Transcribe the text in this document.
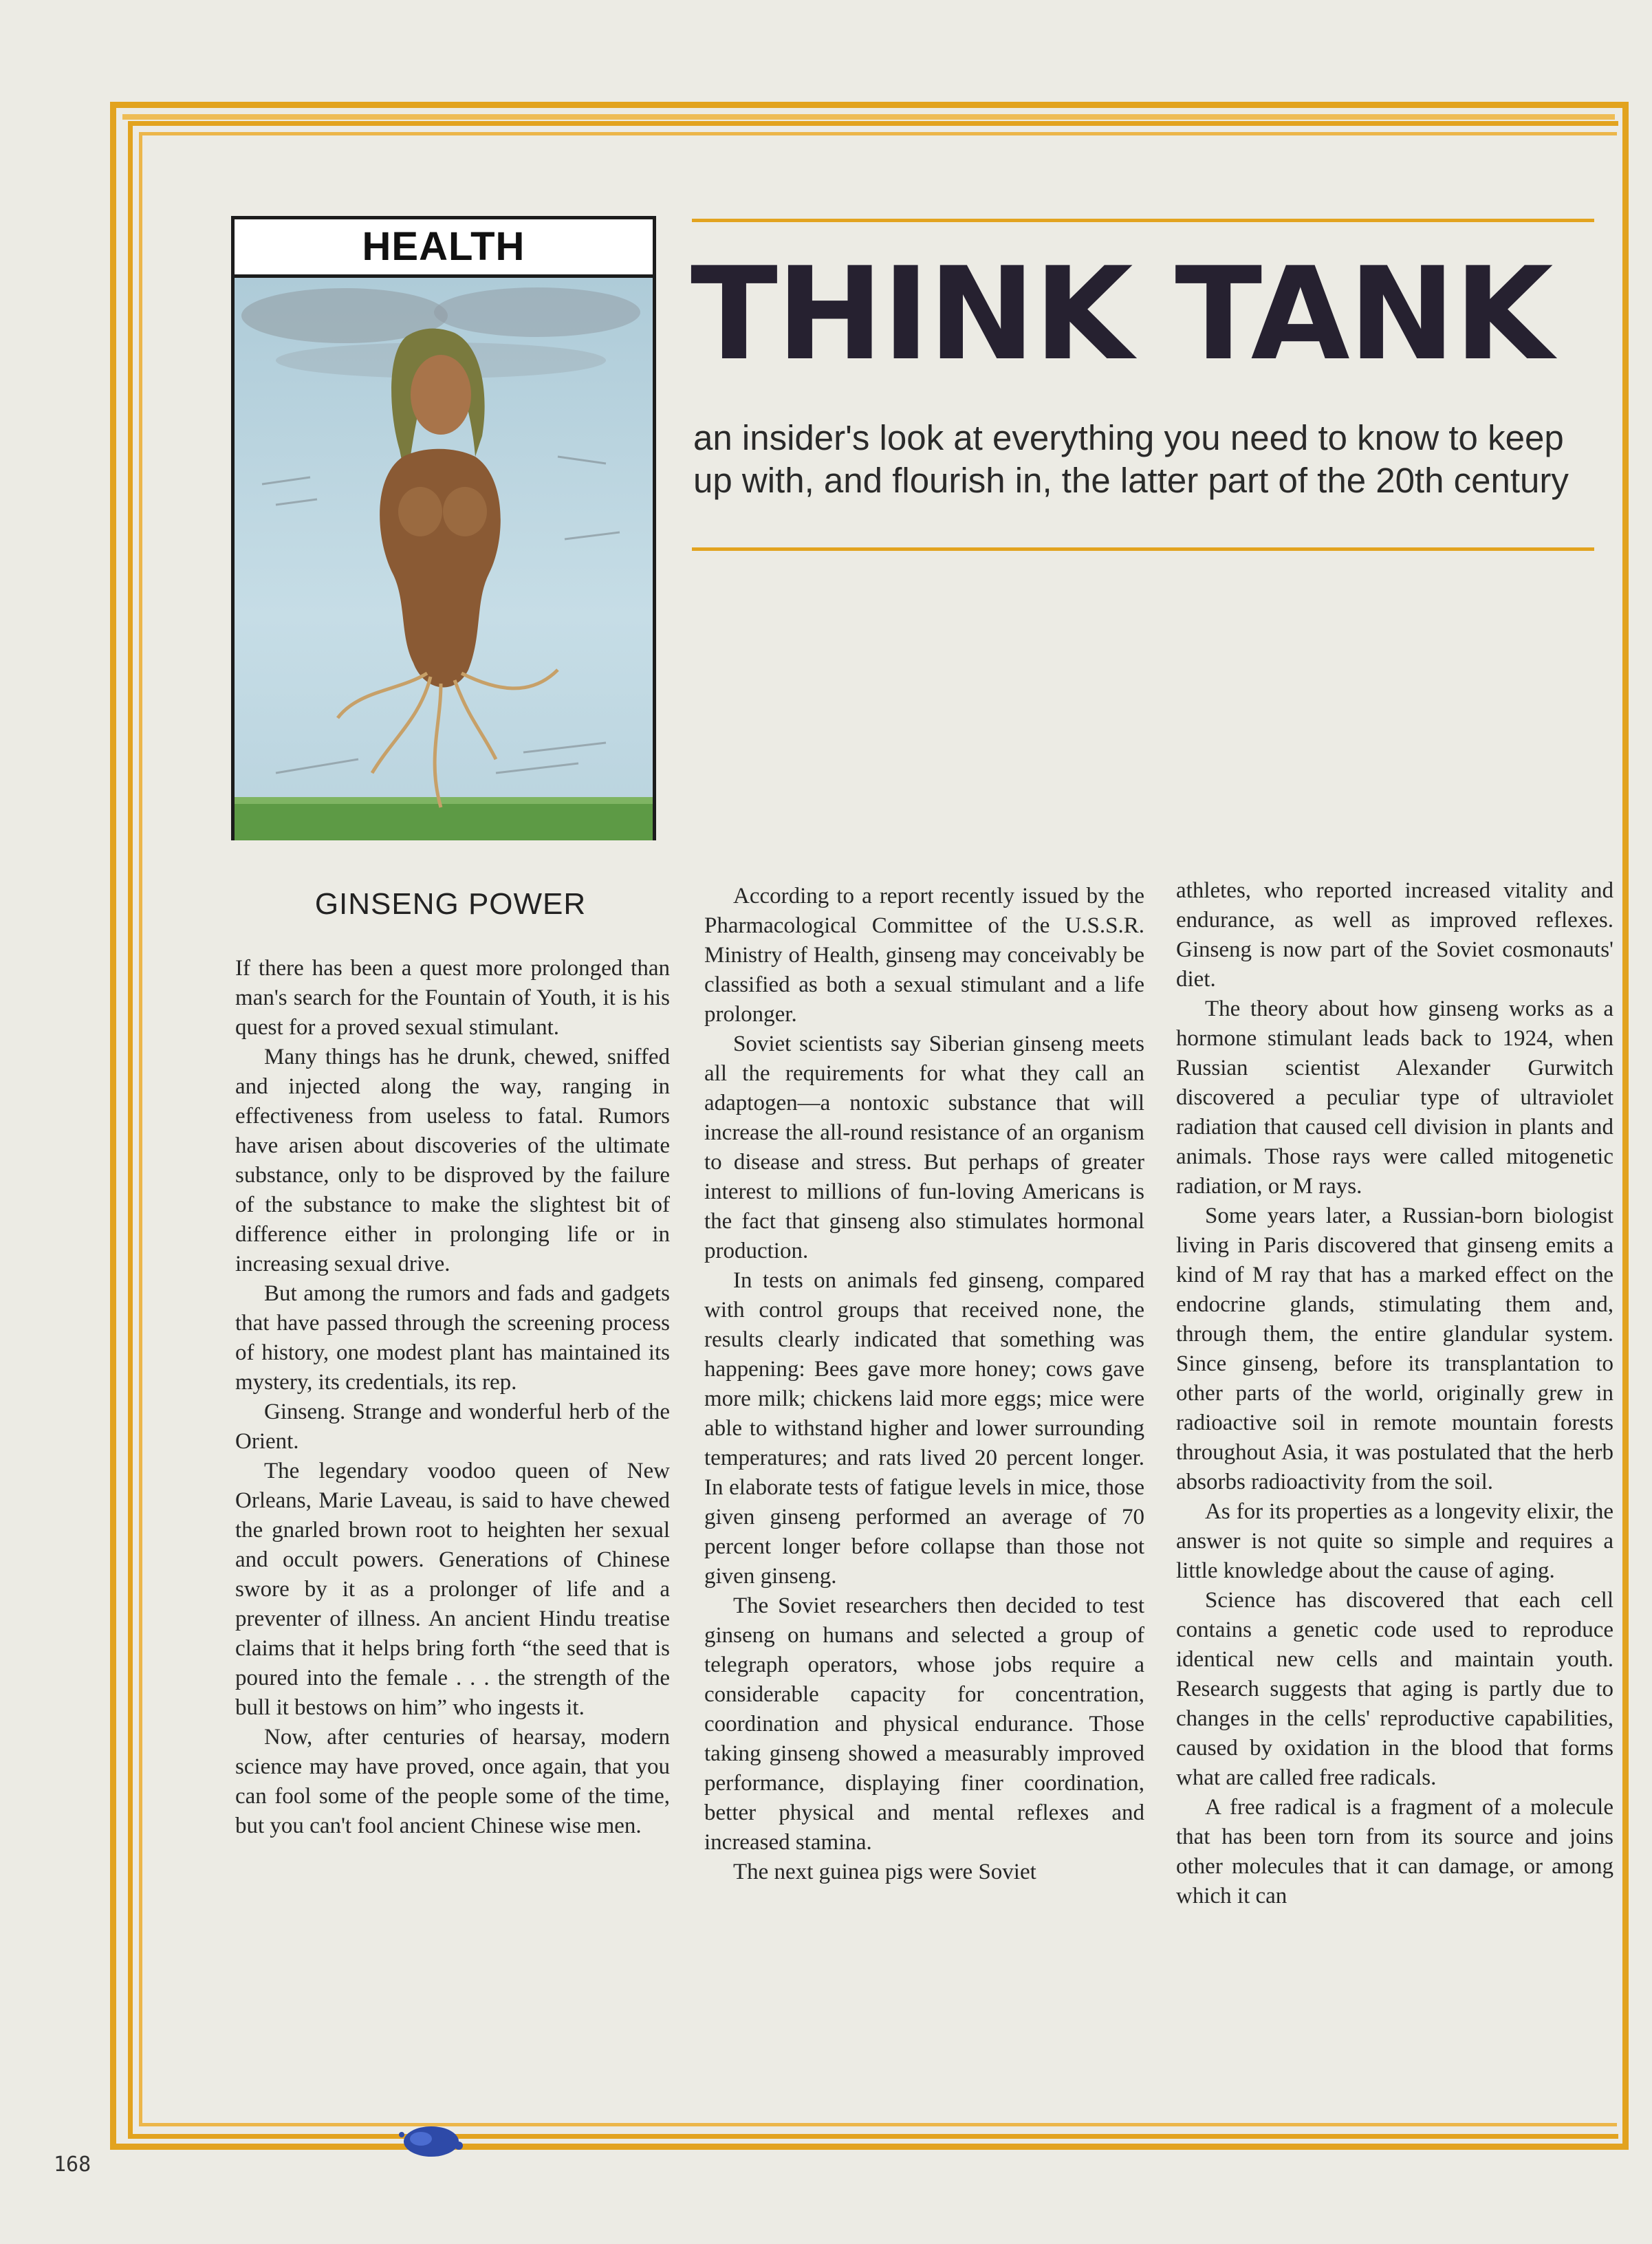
HEALTH	THINK TANK
an insider's look at everything you need to know to keep
up with, and flourish in, the latter part of the 20th century
GINSENG POWER

If there has been a quest more prolonged than man's search for the Fountain of Youth, it is his quest for a proved sexual stimulant.

Many things has he drunk, chewed, sniffed and injected along the way, ranging in effectiveness from useless to fatal. Rumors have arisen about discoveries of the ultimate substance, only to be disproved by the failure of the substance to make the slightest bit of difference either in prolonging life or in increasing sexual drive.

But among the rumors and fads and gadgets that have passed through the screening process of history, one modest plant has maintained its mystery, its credentials, its rep.

Ginseng. Strange and wonderful herb of the Orient.

The legendary voodoo queen of New Orleans, Marie Laveau, is said to have chewed the gnarled brown root to heighten her sexual and occult powers. Generations of Chinese swore by it as a prolonger of life and a preventer of illness. An ancient Hindu treatise claims that it helps bring forth “the seed that is poured into the female . . . the strength of the bull it bestows on him” who ingests it.

Now, after centuries of hearsay, modern science may have proved, once again, that you can fool some of the people some of the time, but you can't fool ancient Chinese wise men.

According to a report recently issued by the Pharmacological Committee of the U.S.S.R. Ministry of Health, ginseng may conceivably be classified as both a sexual stimulant and a life prolonger.

Soviet scientists say Siberian ginseng meets all the requirements for what they call an adaptogen—a nontoxic substance that will increase the all-round resistance of an organism to disease and stress. But perhaps of greater interest to millions of fun-loving Americans is the fact that ginseng also stimulates hormonal production.

In tests on animals fed ginseng, compared with control groups that received none, the results clearly indicated that something was happening: Bees gave more honey; cows gave more milk; chickens laid more eggs; mice were able to withstand higher and lower surrounding temperatures; and rats lived 20 percent longer. In elaborate tests of fatigue levels in mice, those given ginseng performed an average of 70 percent longer before collapse than those not given ginseng.

The Soviet researchers then decided to test ginseng on humans and selected a group of telegraph operators, whose jobs require a considerable capacity for concentration, coordination and physical endurance. Those taking ginseng showed a measurably improved performance, displaying finer coordination, better physical and mental reflexes and increased stamina.

The next guinea pigs were Soviet

athletes, who reported increased vitality and endurance, as well as improved reflexes. Ginseng is now part of the Soviet cosmonauts' diet.

The theory about how ginseng works as a hormone stimulant leads back to 1924, when Russian scientist Alexander Gurwitch discovered a peculiar type of ultraviolet radiation that caused cell division in plants and animals. Those rays were called mitogenetic radiation, or M rays.

Some years later, a Russian-born biologist living in Paris discovered that ginseng emits a kind of M ray that has a marked effect on the endocrine glands, stimulating them and, through them, the entire glandular system. Since ginseng, before its transplantation to other parts of the world, originally grew in radioactive soil in remote mountain forests throughout Asia, it was postulated that the herb absorbs radioactivity from the soil.

As for its properties as a longevity elixir, the answer is not quite so simple and requires a little knowledge about the cause of aging.

Science has discovered that each cell contains a genetic code used to reproduce identical new cells and maintain youth. Research suggests that aging is partly due to changes in the cells' reproductive capabilities, caused by oxidation in the blood that forms what are called free radicals.

A free radical is a fragment of a molecule that has been torn from its source and joins other molecules that it can damage, or among which it can

168
